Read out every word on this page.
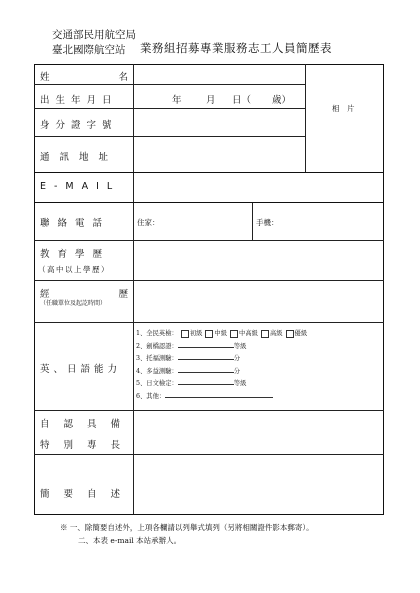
交通部民用航空局
臺北國際航空站 業務組招募專業服務志工人員簡歷表
姓	名
出生年月日	年	月 日（ 歲）
相　片
身分證字號
通訊地址
E-MAIL
聯絡電話	住家：	手機：
教育學歷
（高中以上學歷）
經	歷
（任職單位及起訖時間）
英、日語能力
1、全民英檢： 初級 中級 中高級 高級 優級
2、劍橋認證：	等級
3、托福測驗：	分
4、多益測驗：	分
5、日文檢定：	等級
6、其他：
自認具備
特別專長
簡要自述
※ 一、除簡要自述外，上項各欄請以列舉式填列（另將相關證件影本郵寄）。
二、本表 e-mail 本站承辦人。
